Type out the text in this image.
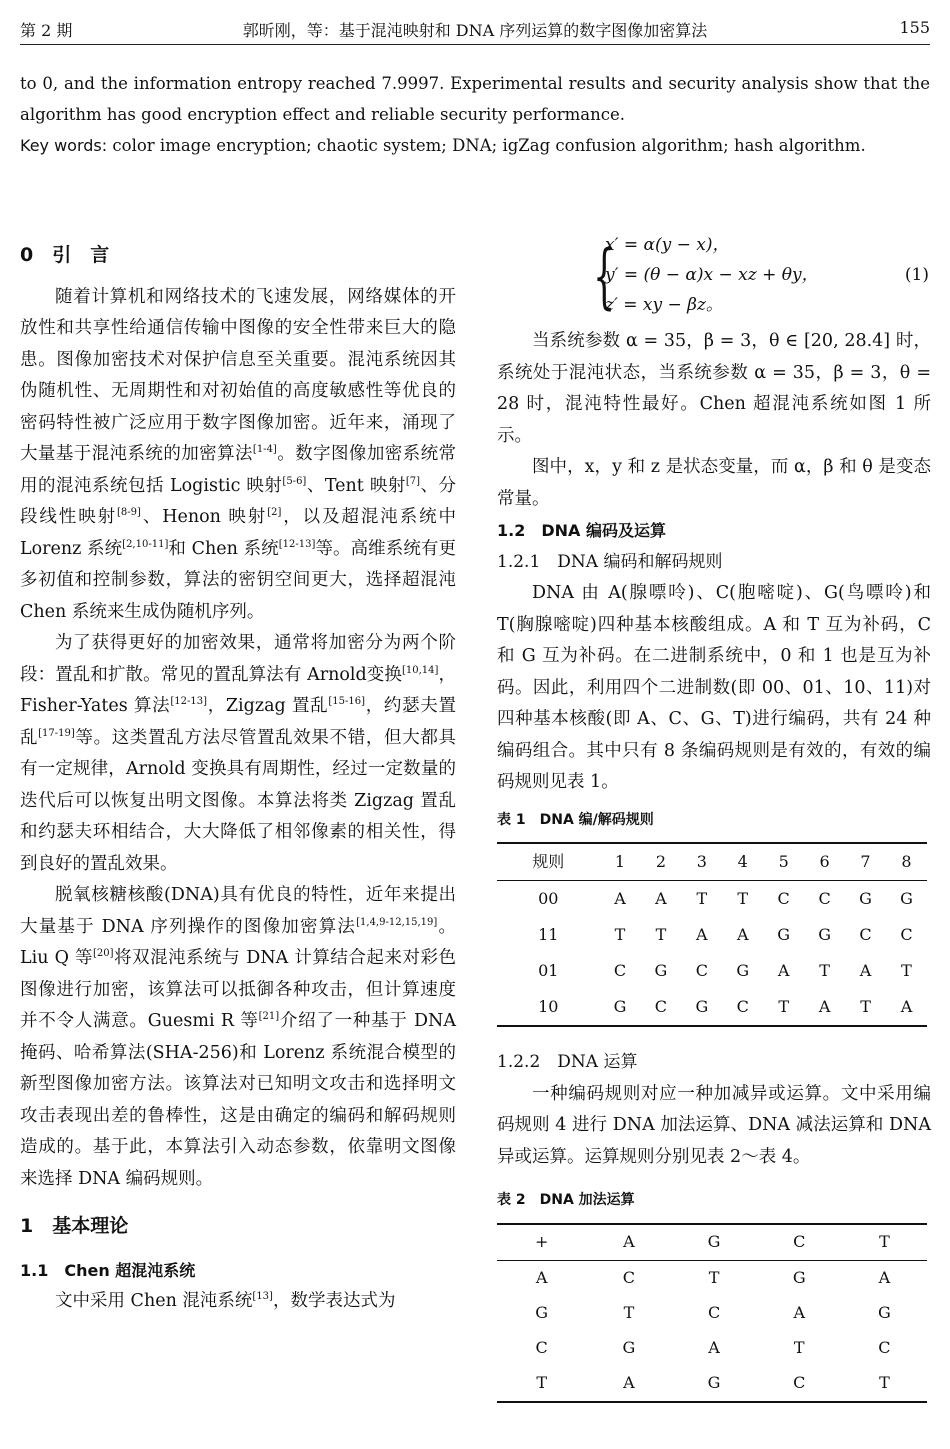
第 2 期	郭昕刚，等：基于混沌映射和 DNA 序列运算的数字图像加密算法	155

to 0, and the information entropy reached 7.9997. Experimental results and security analysis show that the algorithm has good encryption effect and reliable security performance.

Key words: color image encryption; chaotic system; DNA; igZag confusion algorithm; hash algorithm.

0　引　言

随着计算机和网络技术的飞速发展，网络媒体的开放性和共享性给通信传输中图像的安全性带来巨大的隐患。图像加密技术对保护信息至关重要。混沌系统因其伪随机性、无周期性和对初始值的高度敏感性等优良的密码特性被广泛应用于数字图像加密。近年来，涌现了大量基于混沌系统的加密算法[1-4]。数字图像加密系统常用的混沌系统包括 Logistic 映射[5-6]、Tent 映射[7]、分段线性映射[8-9]、Henon 映射[2]，以及超混沌系统中 Lorenz 系统[2,10-11]和 Chen 系统[12-13]等。高维系统有更多初值和控制参数，算法的密钥空间更大，选择超混沌 Chen 系统来生成伪随机序列。

为了获得更好的加密效果，通常将加密分为两个阶段：置乱和扩散。常见的置乱算法有 Arnold变换[10,14]，Fisher-Yates 算法[12-13]，Zigzag 置乱[15-16]，约瑟夫置乱[17-19]等。这类置乱方法尽管置乱效果不错，但大都具有一定规律，Arnold 变换具有周期性，经过一定数量的迭代后可以恢复出明文图像。本算法将类 Zigzag 置乱和约瑟夫环相结合，大大降低了相邻像素的相关性，得到良好的置乱效果。

脱氧核糖核酸(DNA)具有优良的特性，近年来提出大量基于 DNA 序列操作的图像加密算法[1,4,9-12,15,19]。Liu Q 等[20]将双混沌系统与 DNA 计算结合起来对彩色图像进行加密，该算法可以抵御各种攻击，但计算速度并不令人满意。Guesmi R 等[21]介绍了一种基于 DNA 掩码、哈希算法(SHA-256)和 Lorenz 系统混合模型的新型图像加密方法。该算法对已知明文攻击和选择明文攻击表现出差的鲁棒性，这是由确定的编码和解码规则造成的。基于此，本算法引入动态参数，依靠明文图像来选择 DNA 编码规则。

1　基本理论

1.1　Chen 超混沌系统

文中采用 Chen 混沌系统[13]，数学表达式为

{
x′ = α(y − x)，
y′ = (θ − α)x − xz + θy，
z′ = xy − βz。
(1)

当系统参数 α = 35，β = 3，θ ∈ [20, 28.4] 时，系统处于混沌状态，当系统参数 α = 35，β = 3，θ = 28 时，混沌特性最好。Chen 超混沌系统如图 1 所示。

图中，x，y 和 z 是状态变量，而 α，β 和 θ 是变态常量。

1.2　DNA 编码及运算

1.2.1　DNA 编码和解码规则

DNA 由 A(腺嘌呤)、C(胞嘧啶)、G(鸟嘌呤)和 T(胸腺嘧啶)四种基本核酸组成。A 和 T 互为补码，C 和 G 互为补码。在二进制系统中，0 和 1 也是互为补码。因此，利用四个二进制数(即 00、01、10、11)对四种基本核酸(即 A、C、G、T)进行编码，共有 24 种编码组合。其中只有 8 条编码规则是有效的，有效的编码规则见表 1。

表 1　DNA 编/解码规则

规则	1	2	3	4	5	6	7	8
00	A	A	T	T	C	C	G	G
11	T	T	A	A	G	G	C	C
01	C	G	C	G	A	T	A	T
10	G	C	G	C	T	A	T	A

1.2.2　DNA 运算

一种编码规则对应一种加减异或运算。文中采用编码规则 4 进行 DNA 加法运算、DNA 减法运算和 DNA 异或运算。运算规则分别见表 2～表 4。

表 2　DNA 加法运算

+	A	G	C	T
A	C	T	G	A
G	T	C	A	G
C	G	A	T	C
T	A	G	C	T
